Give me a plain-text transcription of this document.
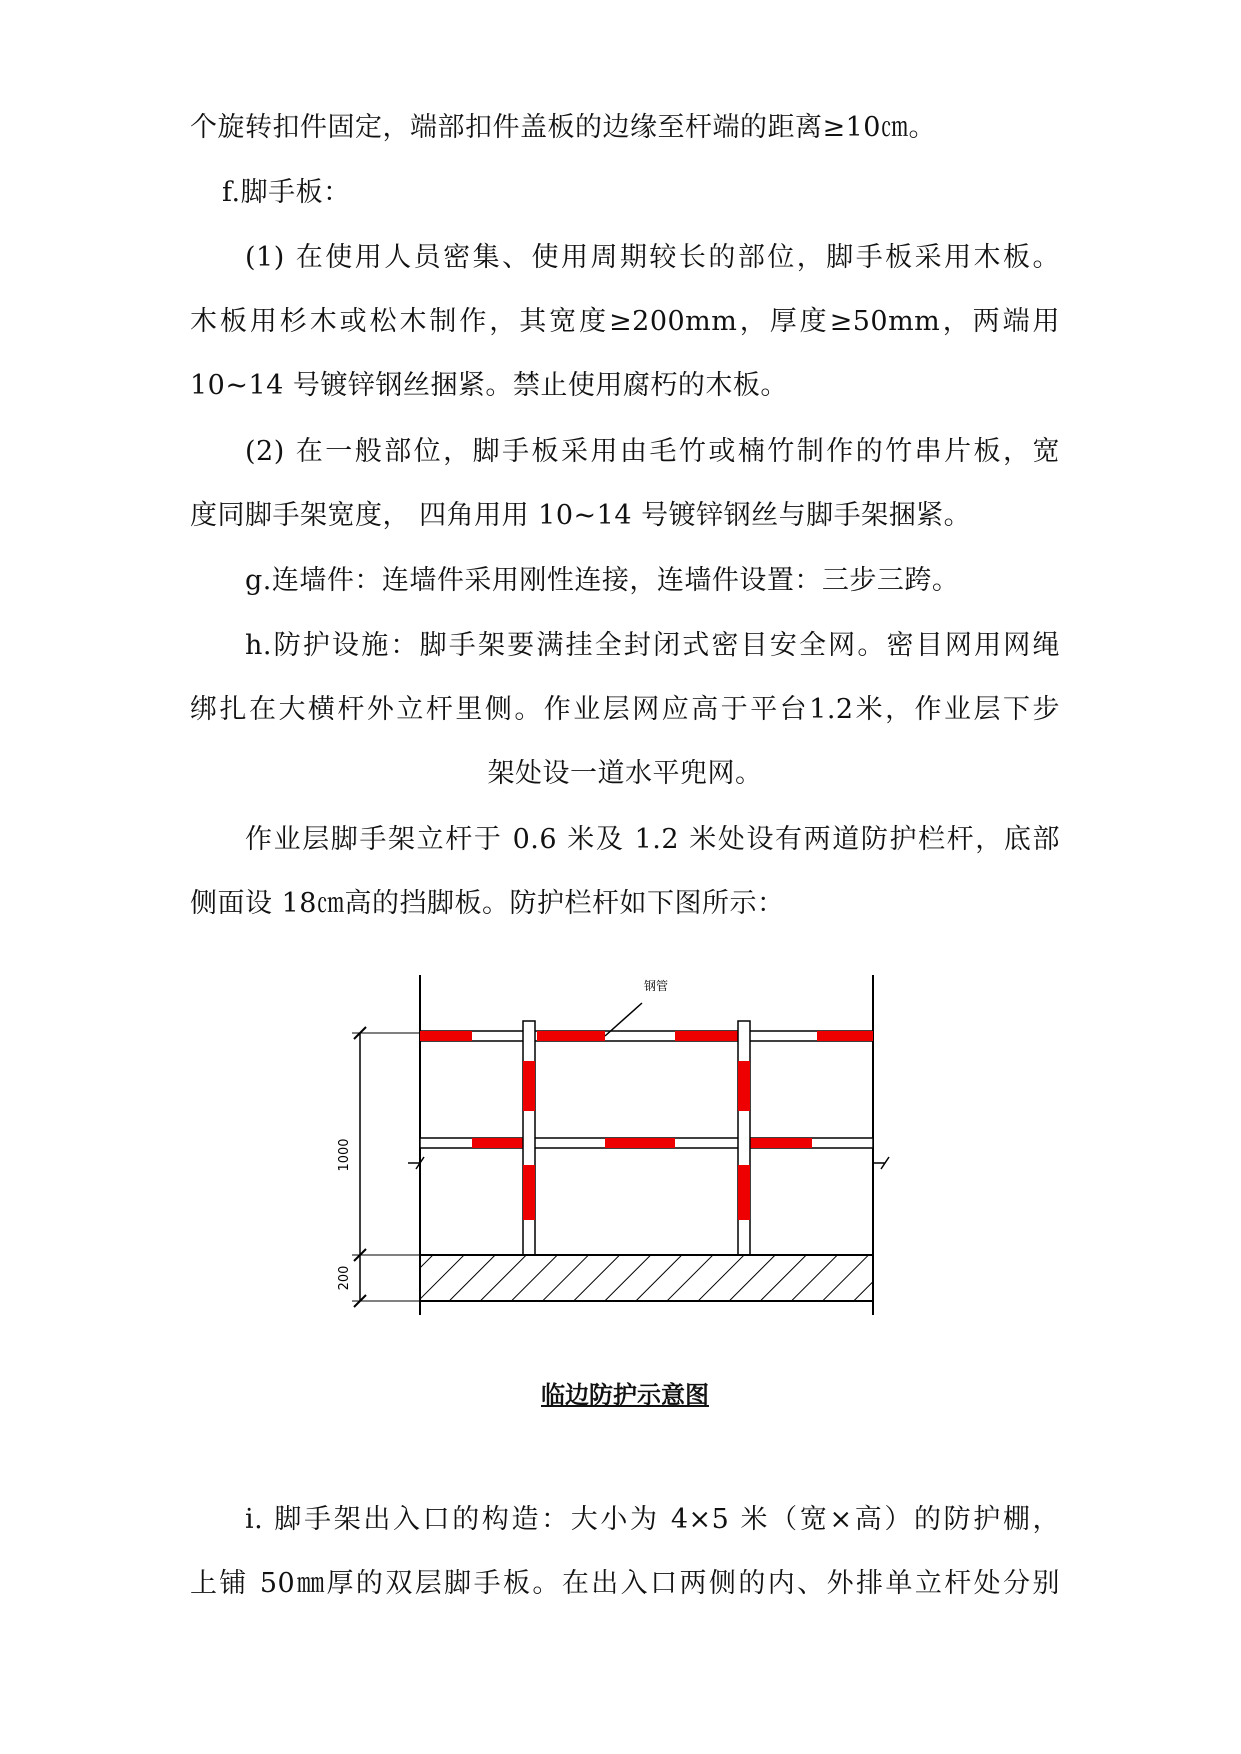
个旋转扣件固定，端部扣件盖板的边缘至杆端的距离≥10㎝。
f.脚手板：
(1) 在使用人员密集、使用周期较长的部位，脚手板采用木板。
木板用杉木或松木制作，其宽度≥200mm，厚度≥50mm，两端用
10~14 号镀锌钢丝捆紧。禁止使用腐朽的木板。
(2) 在一般部位，脚手板采用由毛竹或楠竹制作的竹串片板，宽
度同脚手架宽度， 四角用用 10~14 号镀锌钢丝与脚手架捆紧。
g.连墙件：连墙件采用刚性连接，连墙件设置：三步三跨。
h.防护设施：脚手架要满挂全封闭式密目安全网。密目网用网绳
绑扎在大横杆外立杆里侧。作业层网应高于平台1.2米，作业层下步
架处设一道水平兜网。
作业层脚手架立杆于 0.6 米及 1.2 米处设有两道防护栏杆，底部
侧面设 18㎝高的挡脚板。防护栏杆如下图所示：
钢管
1000
200
临边防护示意图
i. 脚手架出入口的构造：大小为 4×5 米（宽×高）的防护棚，
上铺 50㎜厚的双层脚手板。在出入口两侧的内、外排单立杆处分别
